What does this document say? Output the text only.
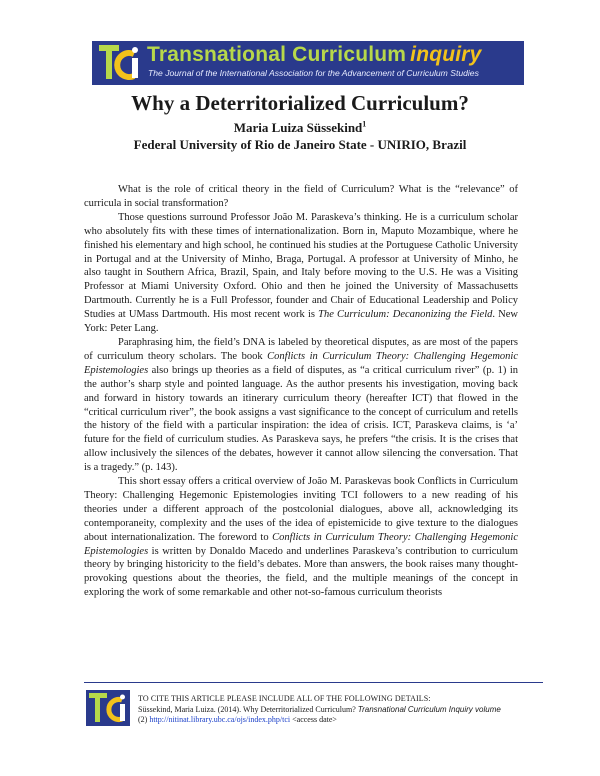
Transnational Curriculum inquiry
The Journal of the International Association for the Advancement of Curriculum Studies
Why a Deterritorialized Curriculum?
Maria Luiza Süssekind$^1$
Federal University of Rio de Janeiro State - UNIRIO, Brazil

What is the role of critical theory in the field of Curriculum? What is the “relevance” of curricula in social transformation?

Those questions surround Professor João M. Paraskeva’s thinking. He is a curriculum scholar who absolutely fits with these times of internationalization. Born in, Maputo Mozambique, where he finished his elementary and high school, he continued his studies at the Portuguese Catholic University in Portugal and at the University of Minho, Braga, Portugal. A professor at University of Minho, he also taught in Southern Africa, Brazil, Spain, and Italy before moving to the U.S. He was a Visiting Professor at Miami University Oxford. Ohio and then he joined the University of Massachusetts Dartmouth. Currently he is a Full Professor, founder and Chair of Educational Leadership and Policy Studies at UMass Dartmouth. His most recent work is The Curriculum: Decanonizing the Field. New York: Peter Lang.

Paraphrasing him, the field’s DNA is labeled by theoretical disputes, as are most of the papers of curriculum theory scholars. The book Conflicts in Curriculum Theory: Challenging Hegemonic Epistemologies also brings up theories as a field of disputes, as “a critical curriculum river” (p. 1) in the author’s sharp style and pointed language. As the author presents his investigation, moving back and forward in history towards an itinerary curriculum theory (hereafter ICT) that flowed in the “critical curriculum river”, the book assigns a vast significance to the concept of curriculum and retells the history of the field with a particular inspiration: the idea of crisis. ICT, Paraskeva claims, is ‘a’ future for the field of curriculum studies. As Paraskeva says, he prefers “the crisis. It is the crises that allow inclusively the silences of the debates, however it cannot allow silencing the conversation. That is a tragedy.” (p. 143).

This short essay offers a critical overview of João M. Paraskevas book Conflicts in Curriculum Theory: Challenging Hegemonic Epistemologies inviting TCI followers to a new reading of his theories under a different approach of the postcolonial dialogues, above all, acknowledging its contemporaneity, complexity and the uses of the idea of epistemicide to give texture to the dialogues about internationalization. The foreword to Conflicts in Curriculum Theory: Challenging Hegemonic Epistemologies is written by Donaldo Macedo and underlines Paraskeva’s contribution to curriculum theory by bringing historicity to the field’s debates. More than answers, the book raises many thought-provoking questions about the theories, the field, and the multiple meanings of the concept in exploring the work of some remarkable and other not-so-famous curriculum theorists

TO CITE THIS ARTICLE PLEASE INCLUDE ALL OF THE FOLLOWING DETAILS:
Süssekind, Maria Luiza. (2014). Why Deterritorialized Curriculum? Transnational Curriculum Inquiry volume
(2) http://nitinat.library.ubc.ca/ojs/index.php/tci <access date>
